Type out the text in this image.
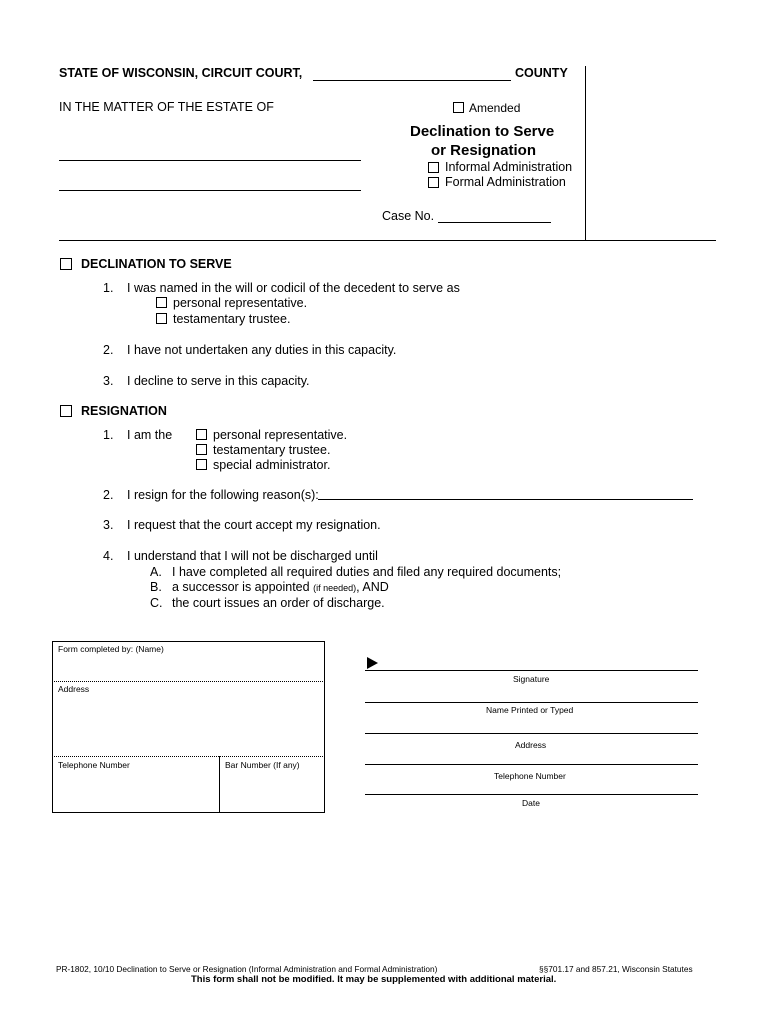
STATE OF WISCONSIN, CIRCUIT COURT,	COUNTY
IN THE MATTER OF THE ESTATE OF	Amended
Declination to Serve
or Resignation
Informal Administration
Formal Administration
Case No.
DECLINATION TO SERVE
1. I was named in the will or codicil of the decedent to serve as
personal representative.
testamentary trustee.
2. I have not undertaken any duties in this capacity.
3. I decline to serve in this capacity.
RESIGNATION
1. I am the	personal representative.
testamentary trustee.
special administrator.
2. I resign for the following reason(s):
3. I request that the court accept my resignation.
4. I understand that I will not be discharged until
A. I have completed all required duties and filed any required documents;
B. a successor is appointed (if needed), AND
C. the court issues an order of discharge.
Form completed by: (Name)
Address
Telephone Number	Bar Number (If any)
Signature
Name Printed or Typed
Address
Telephone Number
Date
PR-1802, 10/10 Declination to Serve or Resignation (Informal Administration and Formal Administration)	§§701.17 and 857.21, Wisconsin Statutes
This form shall not be modified. It may be supplemented with additional material.
